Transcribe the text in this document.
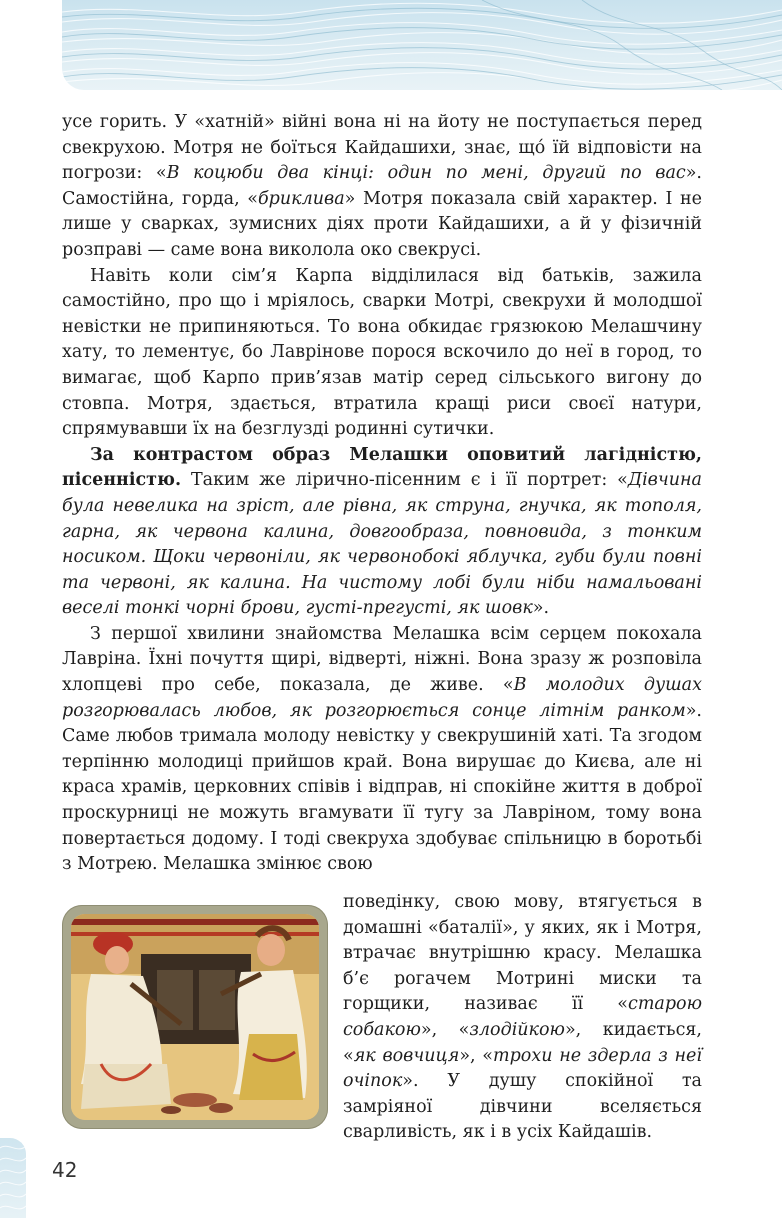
усе горить. У «хатній» війні вона ні на йоту не поступається перед свекрухою. Мотря не боїться Кайдашихи, знає, щó їй відповісти на погрози: «В коцюби два кінці: один по мені, другий по вас». Самостійна, горда, «бриклива» Мотря показала свій характер. І не лише у сварках, зумисних діях проти Кайдашихи, а й у фізичній розправі — саме вона виколола око свекрусі.

Навіть коли сім’я Карпа відділилася від батьків, зажила самостійно, про що і мріялось, сварки Мотрі, свекрухи й молодшої невістки не припиняються. То вона обкидає грязюкою Мелашчину хату, то лементує, бо Лаврінове порося вскочило до неї в город, то вимагає, щоб Карпо прив’язав матір серед сільського вигону до стовпа. Мотря, здається, втратила кращі риси своєї натури, спрямувавши їх на безглузді родинні сутички.

За контрастом образ Мелашки оповитий лагідністю, пісенністю. Таким же лірично-пісенним є і її портрет: «Дівчина була невелика на зріст, але рівна, як струна, гнучка, як тополя, гарна, як червона калина, довгообраза, повновида, з тонким носиком. Щоки червоніли, як червонобокі яблучка, губи були повні та червоні, як калина. На чистому лобі були ніби намальовані веселі тонкі чорні брови, густі-прегусті, як шовк».

З першої хвилини знайомства Мелашка всім серцем покохала Лавріна. Їхні почуття щирі, відверті, ніжні. Вона зразу ж розповіла хлопцеві про себе, показала, де живе. «В молодих душах розгорювалась любов, як розгорюється сонце літнім ранком». Саме любов тримала молоду невістку у свекрушиній хаті. Та згодом терпінню молодиці прийшов край. Вона вирушає до Києва, але ні краса храмів, церковних співів і відправ, ні спокійне життя в доброї проскурниці не можуть вгамувати її тугу за Лавріном, тому вона повертається додому. І тоді свекруха здобуває спільницю в боротьбі з Мотрею. Мелашка змінює свою

поведінку, свою мову, втягується в домашні «баталії», у яких, як і Мотря, втрачає внутрішню красу. Мелашка б’є рогачем Мотрині миски та горщики, називає її «старою собакою», «злодійкою», кидається, «як вовчиця», «трохи не здерла з неї очіпок». У душу спокійної та замріяної дівчини вселяється сварливість, як і в усіх Кайдашів.

42
